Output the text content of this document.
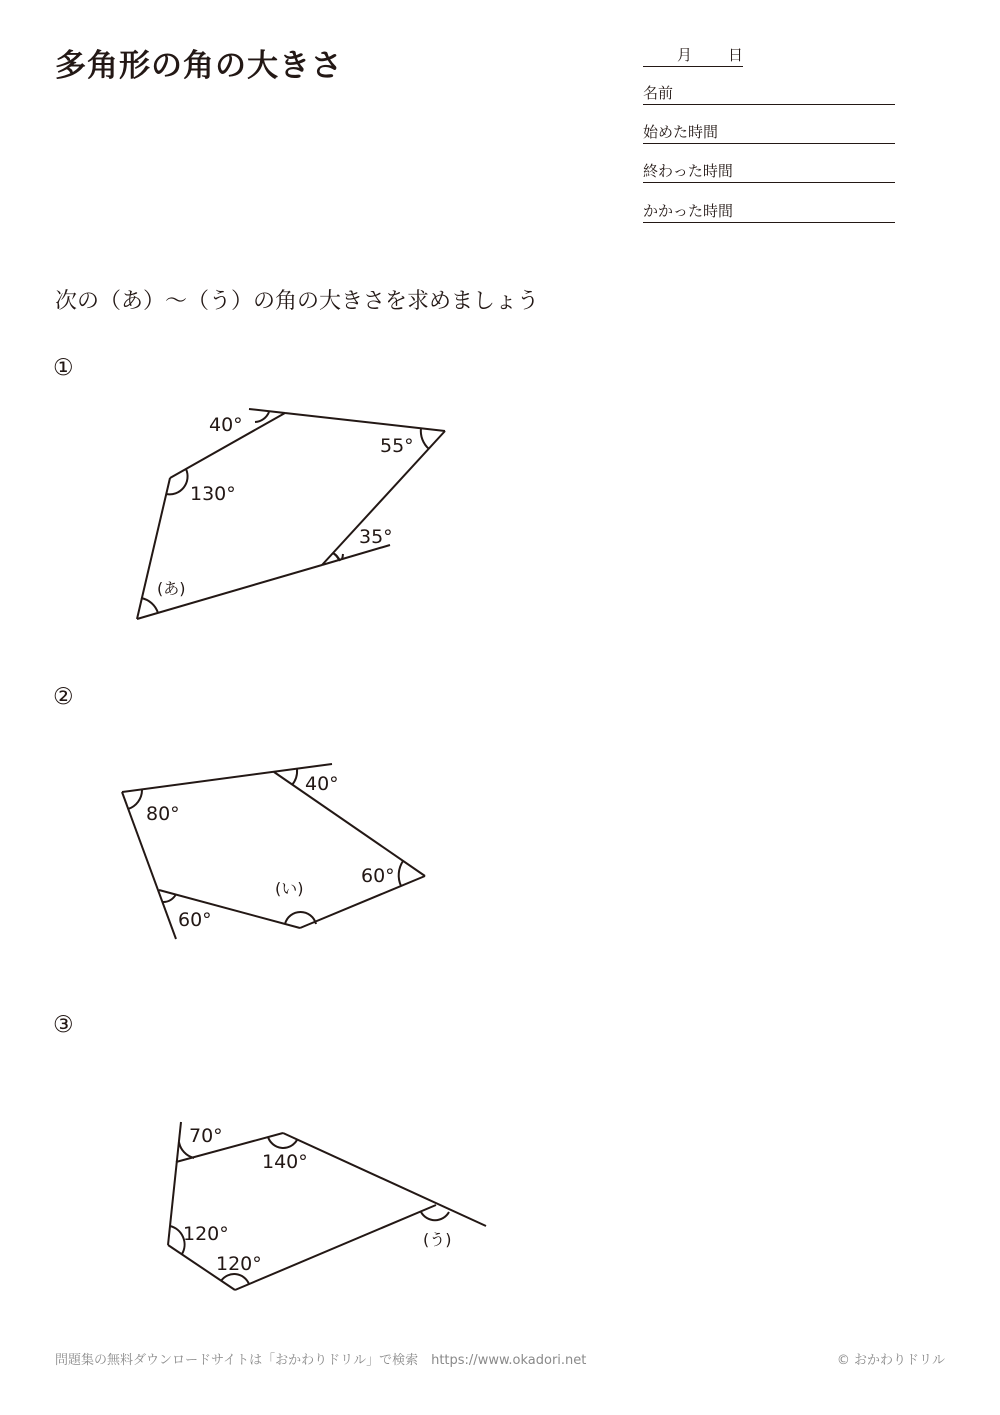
多角形の角の大きさ	月 日
名前
始めた時間
終わった時間
かかった時間
次の（あ）～（う）の角の大きさを求めましょう
①
②
③
40°
55°
130°
35°
(あ)
40°
80°
60°
(い)
60°
70°
140°
120°
120°
(う)
問題集の無料ダウンロードサイトは「おかわりドリル」で検索　https://www.okadori.net	© おかわりドリル
